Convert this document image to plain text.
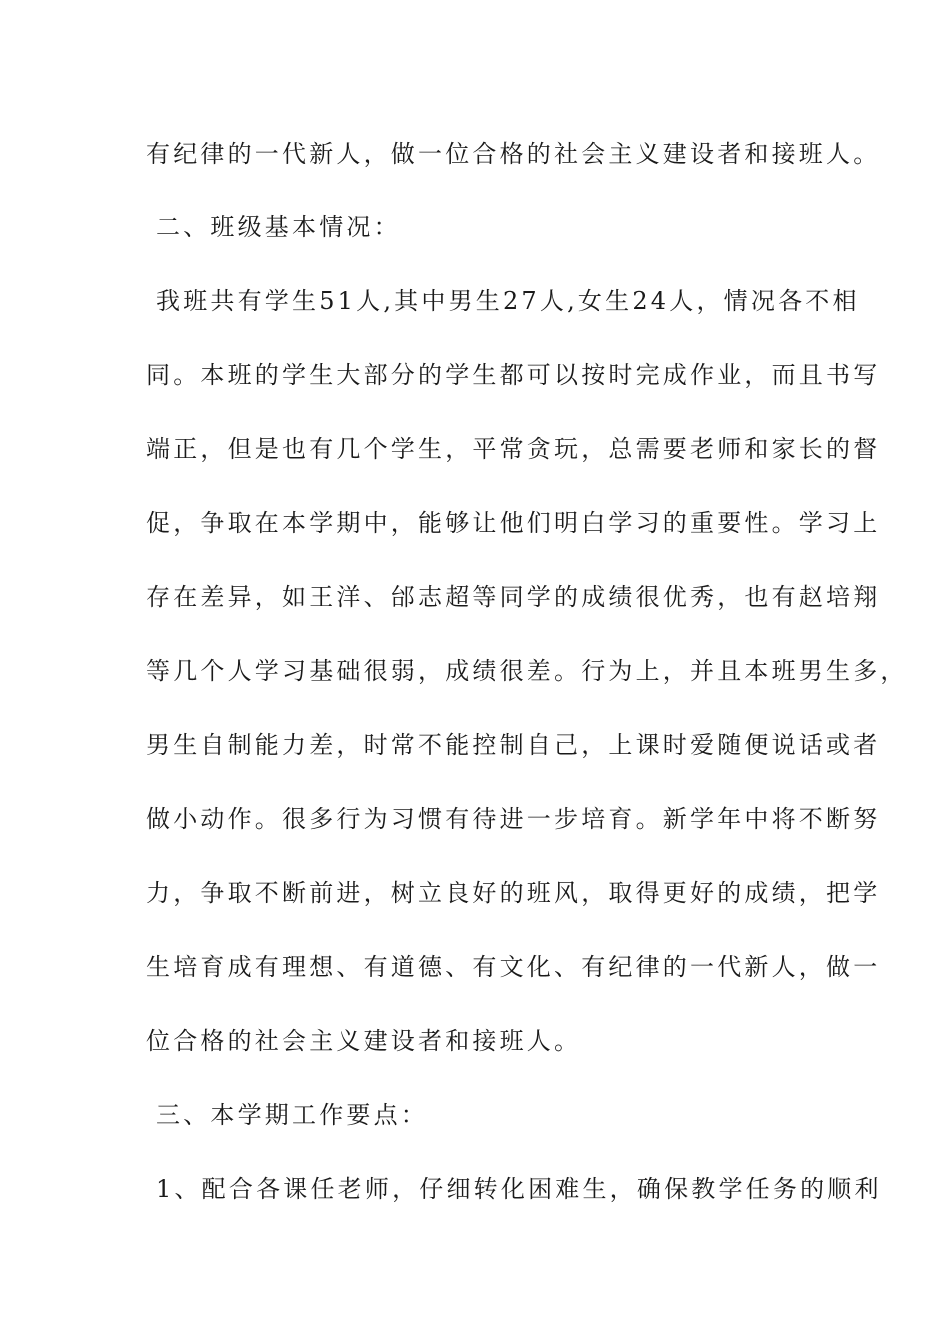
有纪律的一代新人，做一位合格的社会主义建设者和接班人。
二、班级基本情况：
我班共有学生51人,其中男生27人,女生24人，情况各不相
同。本班的学生大部分的学生都可以按时完成作业，而且书写
端正，但是也有几个学生，平常贪玩，总需要老师和家长的督
促，争取在本学期中，能够让他们明白学习的重要性。学习上
存在差异，如王洋、邰志超等同学的成绩很优秀，也有赵培翔
等几个人学习基础很弱，成绩很差。行为上，并且本班男生多，
男生自制能力差，时常不能控制自己，上课时爱随便说话或者
做小动作。很多行为习惯有待进一步培育。新学年中将不断努
力，争取不断前进，树立良好的班风，取得更好的成绩，把学
生培育成有理想、有道德、有文化、有纪律的一代新人，做一
位合格的社会主义建设者和接班人。
三、本学期工作要点：
1、配合各课任老师，仔细转化困难生，确保教学任务的顺利
